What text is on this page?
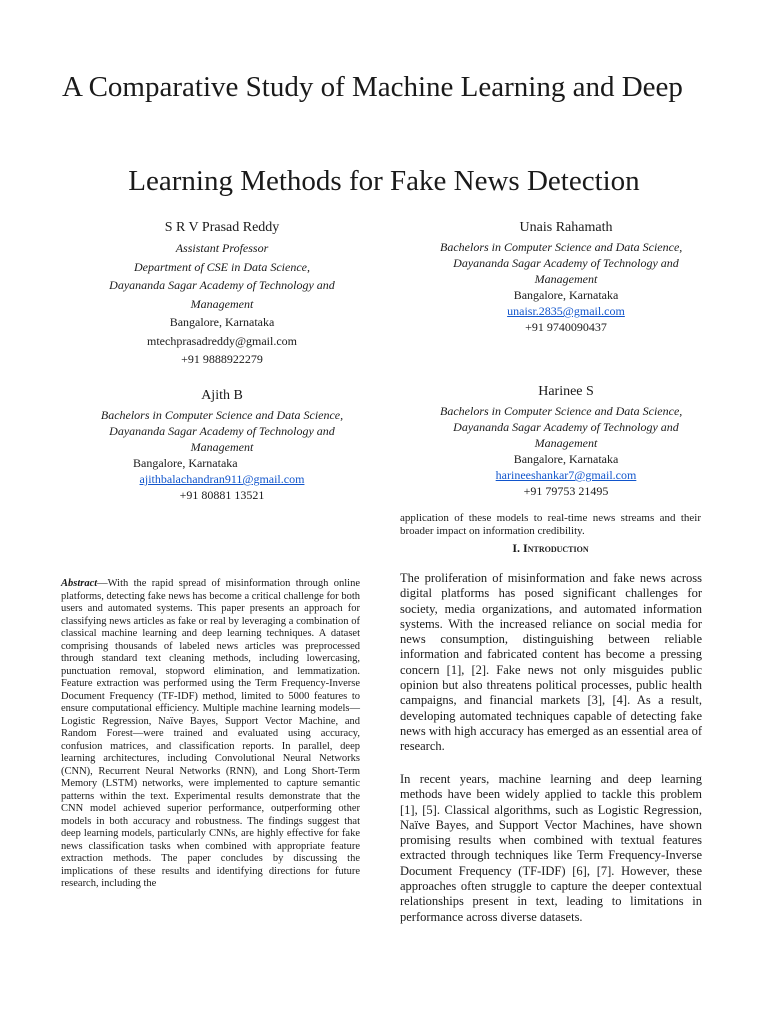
A Comparative Study of Machine Learning and Deep
Learning Methods for Fake News Detection
S R V Prasad Reddy
Assistant Professor
Department of CSE in Data Science,
Dayananda Sagar Academy of Technology and Management
Bangalore, Karnataka
mtechprasadreddy@gmail.com
+91 9888922279
Unais Rahamath
Bachelors in Computer Science and Data Science,
Dayananda Sagar Academy of Technology and Management
Bangalore, Karnataka
unaisr.2835@gmail.com
+91 9740090437
Ajith B
Bachelors in Computer Science and Data Science,
Dayananda Sagar Academy of Technology and Management
Bangalore, Karnataka
ajithbalachandran911@gmail.com
+91 80881 13521
Harinee S
Bachelors in Computer Science and Data Science,
Dayananda Sagar Academy of Technology and Management
Bangalore, Karnataka
harineeshankar7@gmail.com
+91 79753 21495

application of these models to real-time news streams and their broader impact on information credibility.

I. Introduction

Abstract—With the rapid spread of misinformation through online platforms, detecting fake news has become a critical challenge for both users and automated systems. This paper presents an approach for classifying news articles as fake or real by leveraging a combination of classical machine learning and deep learning techniques. A dataset comprising thousands of labeled news articles was preprocessed through standard text cleaning methods, including lowercasing, punctuation removal, stopword elimination, and lemmatization. Feature extraction was performed using the Term Frequency-Inverse Document Frequency (TF-IDF) method, limited to 5000 features to ensure computational efficiency. Multiple machine learning models—Logistic Regression, Naïve Bayes, Support Vector Machine, and Random Forest—were trained and evaluated using accuracy, confusion matrices, and classification reports. In parallel, deep learning architectures, including Convolutional Neural Networks (CNN), Recurrent Neural Networks (RNN), and Long Short-Term Memory (LSTM) networks, were implemented to capture semantic patterns within the text. Experimental results demonstrate that the CNN model achieved superior performance, outperforming other models in both accuracy and robustness. The findings suggest that deep learning models, particularly CNNs, are highly effective for fake news classification tasks when combined with appropriate feature extraction methods. The paper concludes by discussing the implications of these results and identifying directions for future research, including the

The proliferation of misinformation and fake news across digital platforms has posed significant challenges for society, media organizations, and automated information systems. With the increased reliance on social media for news consumption, distinguishing between reliable information and fabricated content has become a pressing concern [1], [2]. Fake news not only misguides public opinion but also threatens political processes, public health campaigns, and financial markets [3], [4]. As a result, developing automated techniques capable of detecting fake news with high accuracy has emerged as an essential area of research.

In recent years, machine learning and deep learning methods have been widely applied to tackle this problem [1], [5]. Classical algorithms, such as Logistic Regression, Naïve Bayes, and Support Vector Machines, have shown promising results when combined with textual features extracted through techniques like Term Frequency-Inverse Document Frequency (TF-IDF) [6], [7]. However, these approaches often struggle to capture the deeper contextual relationships present in text, leading to limitations in performance across diverse datasets.
